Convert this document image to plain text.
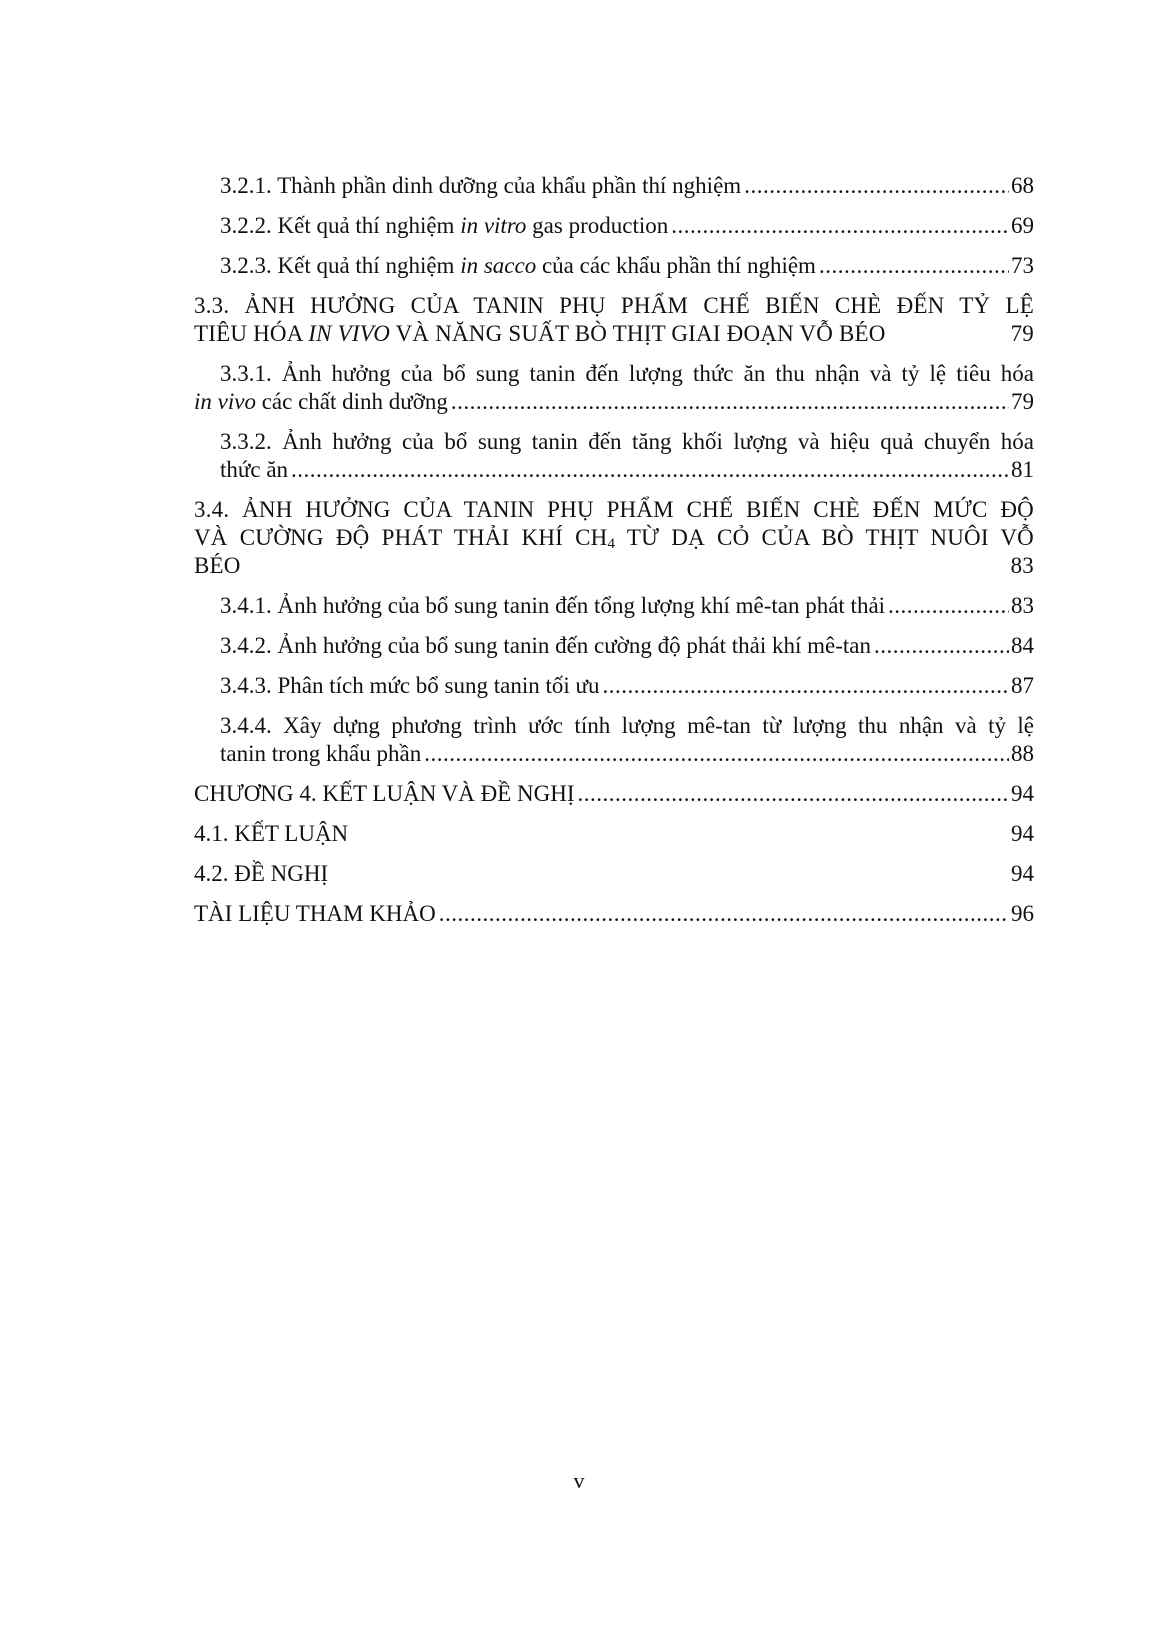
3.2.1. Thành phần dinh dưỡng của khẩu phần thí nghiệm .....	68
3.2.2. Kết quả thí nghiệm in vitro gas production .....	69
3.2.3. Kết quả thí nghiệm in sacco của các khẩu phần thí nghiệm .....	73
3.3. ẢNH HƯỞNG CỦA TANIN PHỤ PHẨM CHẾ BIẾN CHÈ ĐẾN TỶ LỆ
TIÊU HÓA IN VIVO VÀ NĂNG SUẤT BÒ THỊT GIAI ĐOẠN VỖ BÉO	79
3.3.1. Ảnh hưởng của bổ sung tanin đến lượng thức ăn thu nhận và tỷ lệ tiêu hóa
in vivo các chất dinh dưỡng .....	79
3.3.2. Ảnh hưởng của bổ sung tanin đến tăng khối lượng và hiệu quả chuyển hóa
thức ăn .....	81
3.4. ẢNH HƯỞNG CỦA TANIN PHỤ PHẨM CHẾ BIẾN CHÈ ĐẾN MỨC ĐỘ
VÀ CƯỜNG ĐỘ PHÁT THẢI KHÍ $CH_4$ TỪ DẠ CỎ CỦA BÒ THỊT NUÔI VỖ
BÉO	83
3.4.1. Ảnh hưởng của bổ sung tanin đến tổng lượng khí mê-tan phát thải .....	83
3.4.2. Ảnh hưởng của bổ sung tanin đến cường độ phát thải khí mê-tan .....	84
3.4.3. Phân tích mức bổ sung tanin tối ưu .....	87
3.4.4. Xây dựng phương trình ước tính lượng mê-tan từ lượng thu nhận và tỷ lệ
tanin trong khẩu phần .....	88
CHƯƠNG 4. KẾT LUẬN VÀ ĐỀ NGHỊ .....	94
4.1. KẾT LUẬN	94
4.2. ĐỀ NGHỊ	94
TÀI LIỆU THAM KHẢO .....	96
v
